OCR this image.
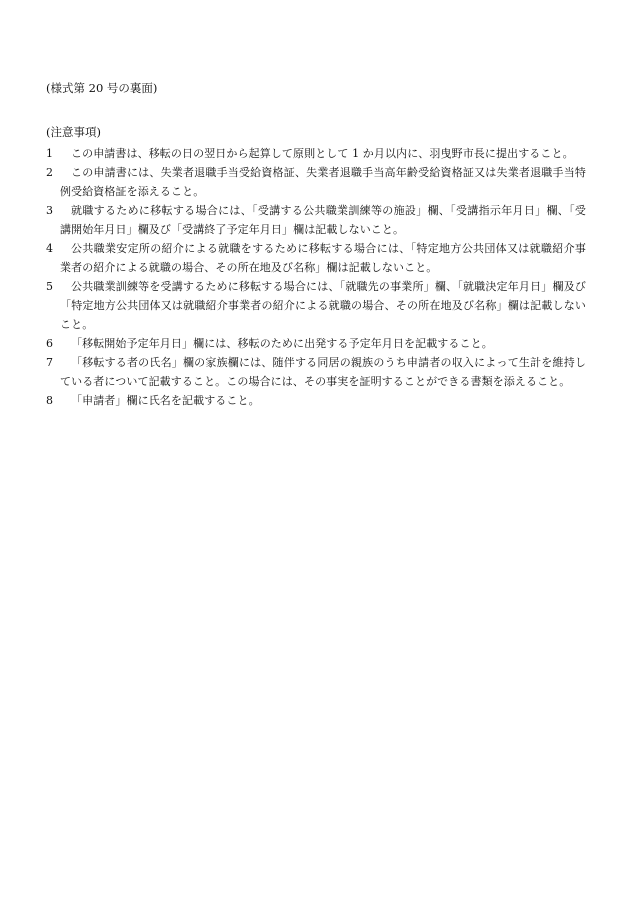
(様式第 20 号の裏面)
(注意事項)
1	この申請書は、移転の日の翌日から起算して原則として 1 か月以内に、羽曳野市長に提出すること。
2	この申請書には、失業者退職手当受給資格証、失業者退職手当高年齢受給資格証又は失業者退職手当特例受給資格証を添えること。
3	就職するために移転する場合には、「受講する公共職業訓練等の施設」欄、「受講指示年月日」欄、「受講開始年月日」欄及び「受講終了予定年月日」欄は記載しないこと。
4	公共職業安定所の紹介による就職をするために移転する場合には、「特定地方公共団体又は就職紹介事業者の紹介による就職の場合、その所在地及び名称」欄は記載しないこと。
5	公共職業訓練等を受講するために移転する場合には、「就職先の事業所」欄、「就職決定年月日」欄及び「特定地方公共団体又は就職紹介事業者の紹介による就職の場合、その所在地及び名称」欄は記載しないこと。
6	「移転開始予定年月日」欄には、移転のために出発する予定年月日を記載すること。
7	「移転する者の氏名」欄の家族欄には、随伴する同居の親族のうち申請者の収入によって生計を維持している者について記載すること。この場合には、その事実を証明することができる書類を添えること。
8	「申請者」欄に氏名を記載すること。
